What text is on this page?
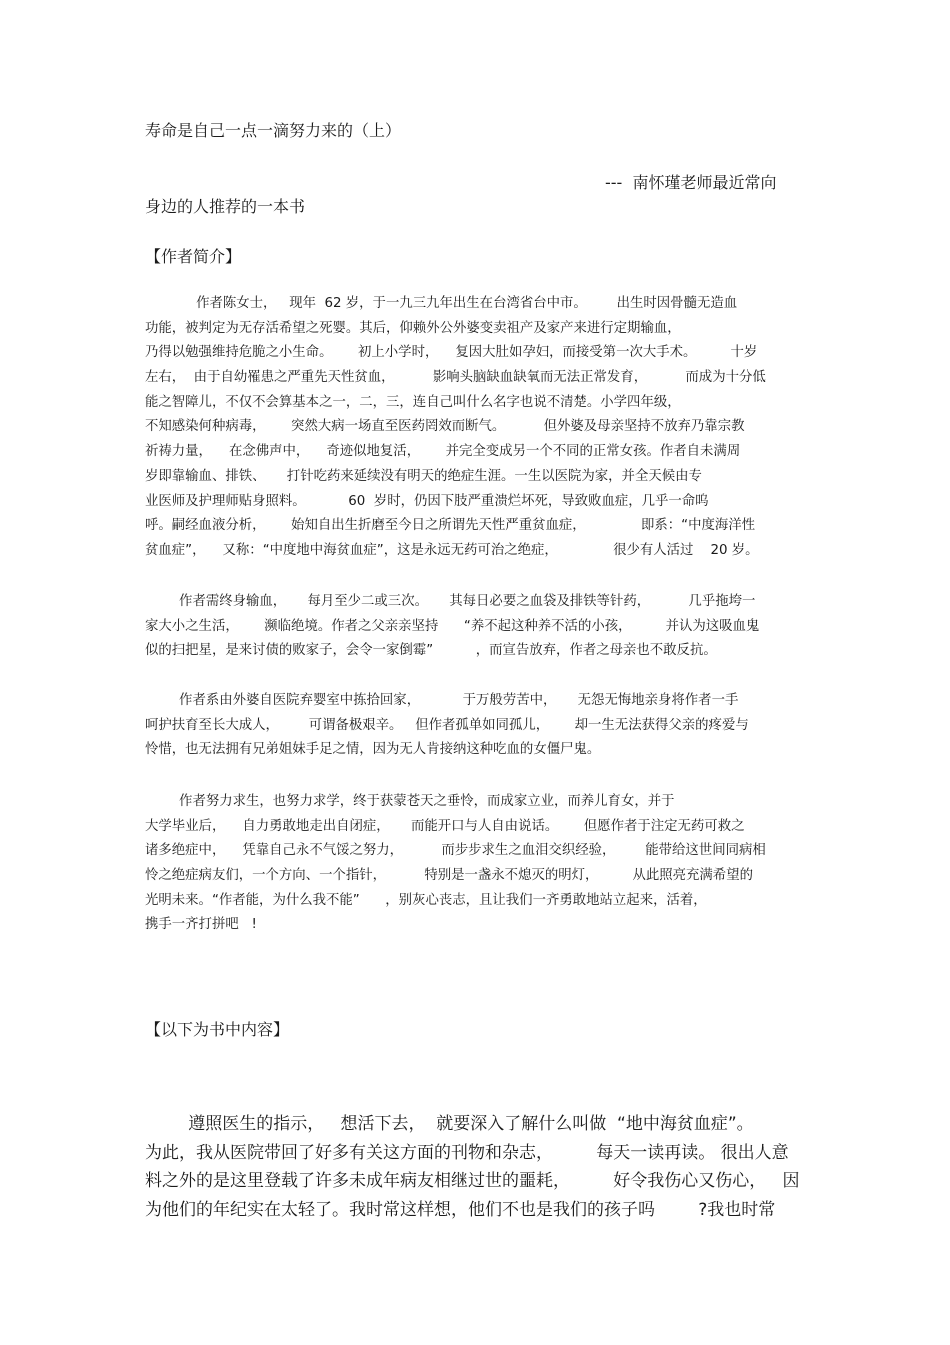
寿命是自己一点一滴努力来的（上）
---  南怀瑾老师最近常向
身边的人推荐的一本书
【作者简介】
作者陈女士，   现年  62 岁，于一九三九年出生在台湾省台中市。       出生时因骨髓无造血
功能，被判定为无存活希望之死婴。其后，仰赖外公外婆变卖祖产及家产来进行定期输血，
乃得以勉强维持危脆之小生命。      初上小学时，    复因大肚如孕妇，而接受第一次大手术。        十岁
左右，  由于自幼罹患之严重先天性贫血，         影响头脑缺血缺氧而无法正常发育，         而成为十分低
能之智障儿，不仅不会算基本之一，二，三，连自己叫什么名字也说不清楚。小学四年级，
不知感染何种病毒，      突然大病一场直至医药罔效而断气。         但外婆及母亲坚持不放弃乃靠宗教
祈祷力量，    在念佛声中，    奇迹似地复活，      并完全变成另一个不同的正常女孩。作者自未满周
岁即靠输血、排铁、     打针吃药来延续没有明天的绝症生涯。一生以医院为家，并全天候由专
业医师及护理师贴身照料。          60  岁时，仍因下肢严重溃烂坏死，导致败血症，几乎一命呜
呼。嗣经血液分析，      始知自出生折磨至今日之所谓先天性严重贫血症，             即系：“中度海洋性
贫血症”，    又称：“中度地中海贫血症”，这是永远无药可治之绝症，             很少有人活过    20 岁。
作者需终身输血，     每月至少二或三次。     其每日必要之血袋及排铁等针药，         几乎拖垮一
家大小之生活，      濒临绝境。作者之父亲亲坚持      “养不起这种养不活的小孩，        并认为这吸血鬼
似的扫把星，是来讨债的败家子，会令一家倒霉”          ，而宣告放弃，作者之母亲也不敢反抗。
作者系由外婆自医院弃婴室中拣拾回家，          于万般劳苦中，     无怨无悔地亲身将作者一手
呵护扶育至长大成人，       可谓备极艰辛。   但作者孤单如同孤儿，      却一生无法获得父亲的疼爱与
怜惜，也无法拥有兄弟姐妹手足之情，因为无人肯接纳这种吃血的女僵尸鬼。
作者努力求生，也努力求学，终于获蒙苍天之垂怜，而成家立业，而养儿育女，并于
大学毕业后，    自力勇敢地走出自闭症，     而能开口与人自由说话。      但愿作者于注定无药可救之
诸多绝症中，    凭靠自己永不气馁之努力，         而步步求生之血泪交织经验，       能带给这世间同病相
怜之绝症病友们，一个方向、一个指针，         特别是一盏永不熄灭的明灯，        从此照亮充满希望的
光明未来。“作者能，为什么我不能”      ，别灰心丧志，且让我们一齐勇敢地站立起来，活着，
携手一齐打拼吧   !
【以下为书中内容】
遵照医生的指示，   想活下去，  就要深入了解什么叫做  “地中海贫血症”。
为此，我从医院带回了好多有关这方面的刊物和杂志，        每天一读再读。 很出人意
料之外的是这里登载了许多未成年病友相继过世的噩耗，        好令我伤心又伤心，   因
为他们的年纪实在太轻了。我时常这样想，他们不也是我们的孩子吗        ?我也时常
